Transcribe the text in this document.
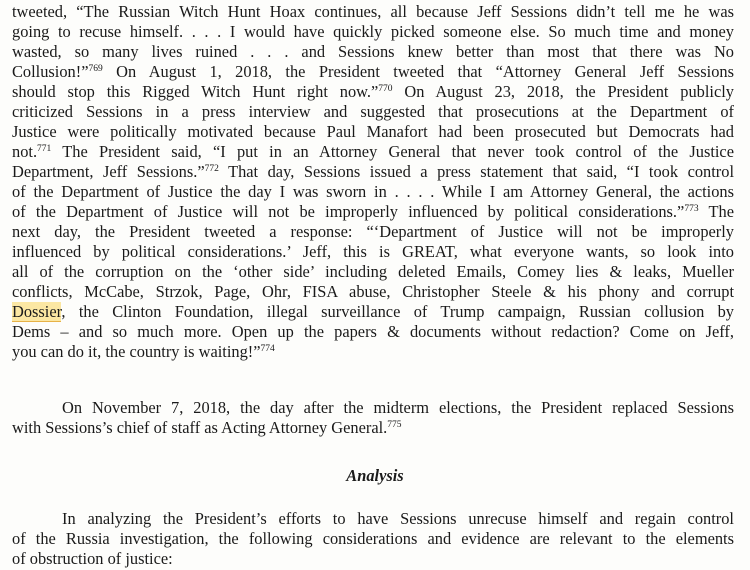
tweeted, “The Russian Witch Hunt Hoax continues, all because Jeff Sessions didn’t tell me he was
going to recuse himself. . . . I would have quickly picked someone else. So much time and money
wasted, so many lives ruined . . . and Sessions knew better than most that there was No
Collusion!”$^{769}$ On August 1, 2018, the President tweeted that “Attorney General Jeff Sessions
should stop this Rigged Witch Hunt right now.”$^{770}$ On August 23, 2018, the President publicly
criticized Sessions in a press interview and suggested that prosecutions at the Department of
Justice were politically motivated because Paul Manafort had been prosecuted but Democrats had
not.$^{771}$ The President said, “I put in an Attorney General that never took control of the Justice
Department, Jeff Sessions.”$^{772}$ That day, Sessions issued a press statement that said, “I took control
of the Department of Justice the day I was sworn in . . . . While I am Attorney General, the actions
of the Department of Justice will not be improperly influenced by political considerations.”$^{773}$ The
next day, the President tweeted a response: “‘Department of Justice will not be improperly
influenced by political considerations.’ Jeff, this is GREAT, what everyone wants, so look into
all of the corruption on the ‘other side’ including deleted Emails, Comey lies & leaks, Mueller
conflicts, McCabe, Strzok, Page, Ohr, FISA abuse, Christopher Steele & his phony and corrupt
Dossier, the Clinton Foundation, illegal surveillance of Trump campaign, Russian collusion by
Dems – and so much more. Open up the papers & documents without redaction? Come on Jeff,
you can do it, the country is waiting!”$^{774}$
On November 7, 2018, the day after the midterm elections, the President replaced Sessions
with Sessions’s chief of staff as Acting Attorney General.$^{775}$
Analysis
In analyzing the President’s efforts to have Sessions unrecuse himself and regain control
of the Russia investigation, the following considerations and evidence are relevant to the elements
of obstruction of justice:
